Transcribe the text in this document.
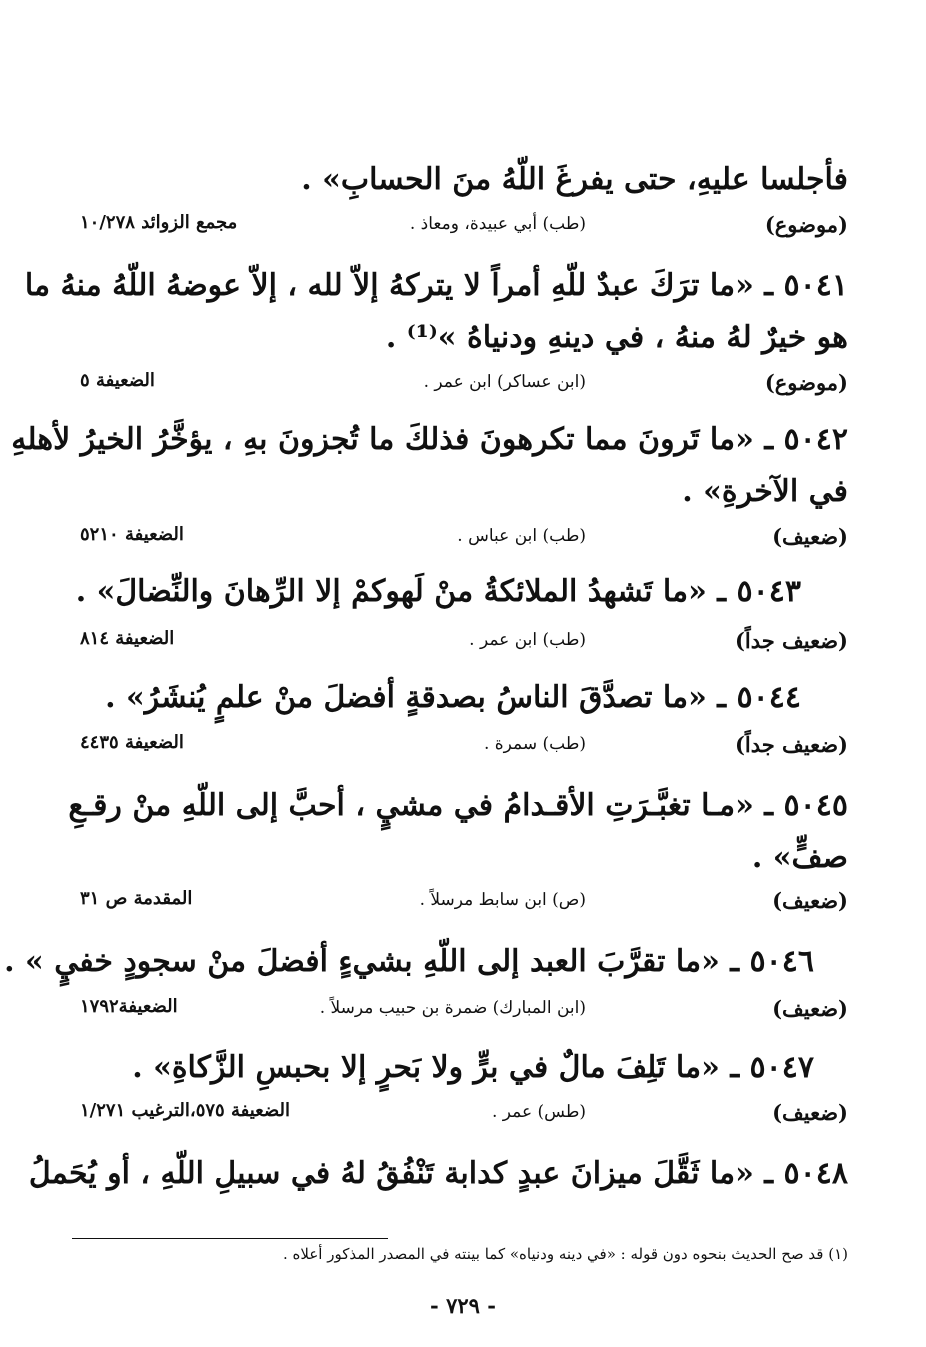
فأجلسا عليهِ، حتى يفرغَ اللّهُ منَ الحسابِ» .
(موضوع)
(طب) أبي عبيدة، ومعاذ .
مجمع الزوائد ١٠/٢٧٨
٥٠٤١ ـ «ما ترَكَ عبدٌ للّهِ أمراً لا يتركهُ إلاّ لله ، إلاّ عوضهُ اللّهُ منهُ ما
هو خيرٌ لهُ منهُ ، في دينهِ ودنياهُ »⁽¹⁾ .
(موضوع)
(ابن عساكر) ابن عمر .
الضعيفة ٥
٥٠٤٢ ـ «ما تَرونَ مما تكرهونَ فذلكَ ما تُجزونَ بهِ ، يؤخَّرُ الخيرُ لأهلهِ
في الآخرةِ» .
(ضعيف)
(طب) ابن عباس .
الضعيفة ٥٢١٠
٥٠٤٣ ـ «ما تَشهدُ الملائكةُ منْ لَهوكمْ إلا الرِّهانَ والنِّضالَ» .
(ضعيف جداً)
(طب) ابن عمر .
الضعيفة ٨١٤
٥٠٤٤ ـ «ما تصدَّقَ الناسُ بصدقةٍ أفضلَ منْ علمٍ يُنشَرُ» .
(ضعيف جداً)
(طب) سمرة .
الضعيفة ٤٤٣٥
٥٠٤٥ ـ «مـا تغبَّـرَتِ الأقـدامُ في مشيٍ ، أحبَّ إلى اللّهِ منْ رقـعِ
صفٍّ» .
(ضعيف)
(ص) ابن سابط مرسلاً .
المقدمة ص ٣١
٥٠٤٦ ـ «ما تقرَّبَ العبد إلى اللّهِ بشيءٍ أفضلَ منْ سجودٍ خفيٍ » .
(ضعيف)
(ابن المبارك) ضمرة بن حبيب مرسلاً .
الضعيفة١٧٩٢
٥٠٤٧ ـ «ما تَلِفَ مالٌ في برٍّ ولا بَحرٍ إلا بحبسِ الزَّكاةِ» .
(ضعيف)
(طس) عمر .
الضعيفة ٥٧٥،الترغيب ١/٢٧١
٥٠٤٨ ـ «ما ثَقَّلَ ميزانَ عبدٍ كدابة تَنْفُقُ لهُ في سبيلِ اللّهِ ، أو يُحَملُ
(١) قد صح الحديث بنحوه دون قوله : «في دينه ودنياه» كما بينته في المصدر المذكور أعلاه .
- ٧٢٩ -
